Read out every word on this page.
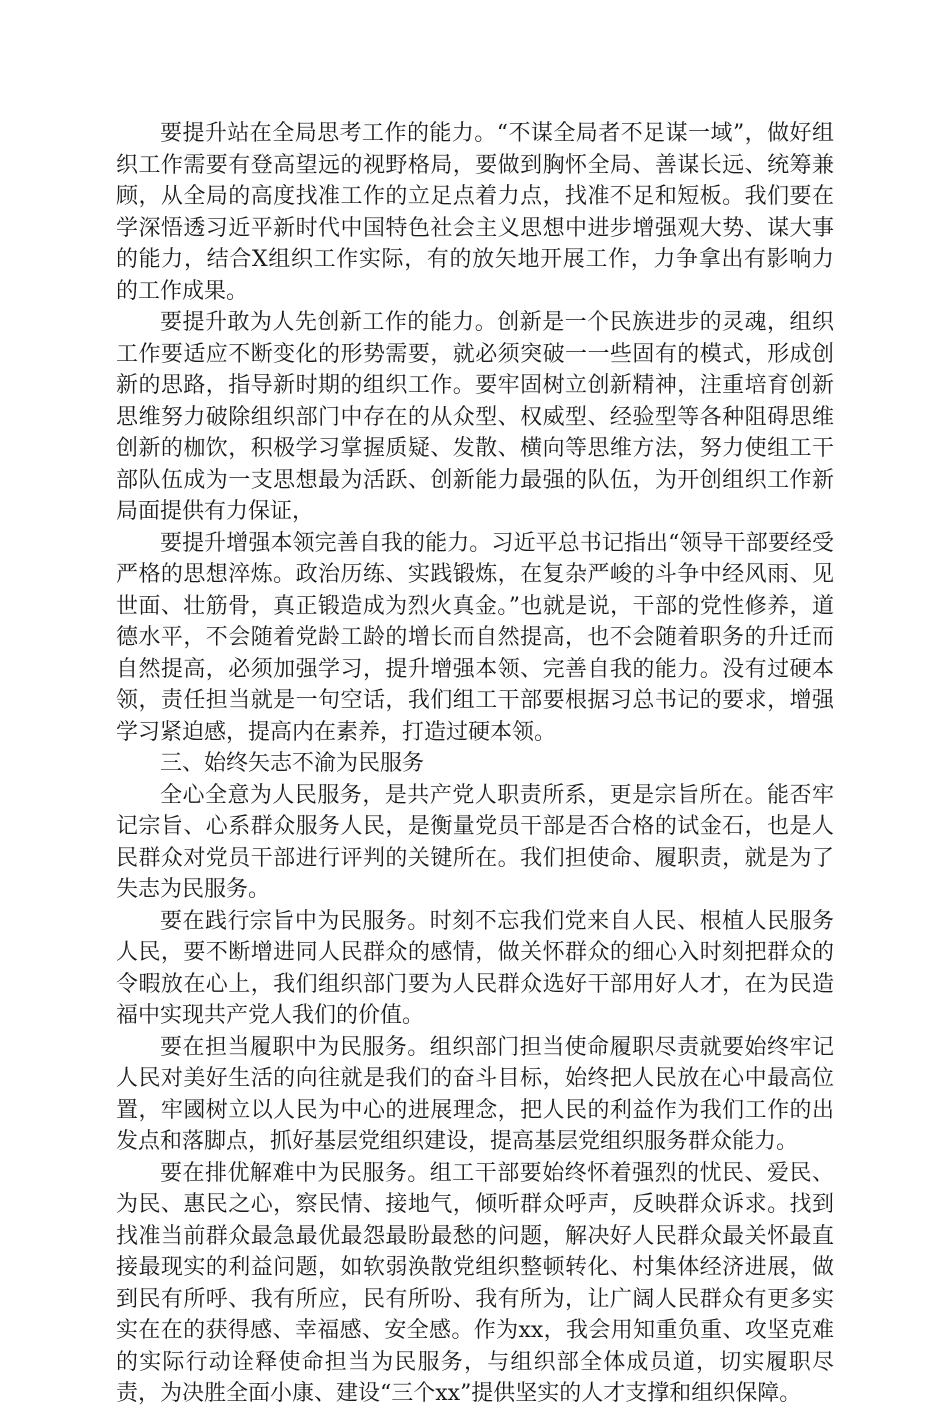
要提升站在全局思考工作的能力。“不谋全局者不足谋一域”，做好组织工作需要有登高望远的视野格局，要做到胸怀全局、善谋长远、统筹兼顾，从全局的高度找准工作的立足点着力点，找准不足和短板。我们要在学深悟透习近平新时代中国特色社会主义思想中进步增强观大势、谋大事的能力，结合X组织工作实际，有的放矢地开展工作，力争拿出有影响力的工作成果。

要提升敢为人先创新工作的能力。创新是一个民族进步的灵魂，组织工作要适应不断变化的形势需要，就必须突破一一些固有的模式，形成创新的思路，指导新时期的组织工作。要牢固树立创新精神，注重培育创新思维努力破除组织部门中存在的从众型、权威型、经验型等各种阻碍思维创新的枷饮，积极学习掌握质疑、发散、横向等思维方法，努力使组工干部队伍成为一支思想最为活跃、创新能力最强的队伍，为开创组织工作新局面提供有力保证，

要提升增强本领完善自我的能力。习近平总书记指出“领导干部要经受严格的思想淬炼。政治历练、实践锻炼，在复杂严峻的斗争中经风雨、见世面、壮筋骨，真正锻造成为烈火真金。”也就是说，干部的党性修养，道德水平，不会随着党龄工龄的增长而自然提高，也不会随着职务的升迁而自然提高，必须加强学习，提升增强本领、完善自我的能力。没有过硬本领，责任担当就是一句空话，我们组工干部要根据习总书记的要求，增强学习紧迫感，提高内在素养，打造过硬本领。

三、始终矢志不渝为民服务

全心全意为人民服务，是共产党人职责所系，更是宗旨所在。能否牢记宗旨、心系群众服务人民，是衡量党员干部是否合格的试金石，也是人民群众对党员干部进行评判的关键所在。我们担使命、履职责，就是为了失志为民服务。

要在践行宗旨中为民服务。时刻不忘我们党来自人民、根植人民服务人民，要不断增进同人民群众的感情，做关怀群众的细心入时刻把群众的令暇放在心上，我们组织部门要为人民群众选好干部用好人才，在为民造福中实现共产党人我们的价值。

要在担当履职中为民服务。组织部门担当使命履职尽责就要始终牢记人民对美好生活的向往就是我们的奋斗目标，始终把人民放在心中最高位置，牢國树立以人民为中心的进展理念，把人民的利益作为我们工作的出发点和落脚点，抓好基层党组织建设，提高基层党组织服务群众能力。

要在排优解难中为民服务。组工干部要始终怀着强烈的忧民、爱民、为民、惠民之心，察民情、接地气，倾听群众呼声，反映群众诉求。找到找准当前群众最急最优最怨最盼最愁的问题，解决好人民群众最关怀最直接最现实的利益问题，如软弱涣散党组织整顿转化、村集体经济进展，做到民有所呼、我有所应，民有所吩、我有所为，让广阔人民群众有更多实实在在的获得感、幸福感、安全感。作为xx，我会用知重负重、攻坚克难的实际行动诠释使命担当为民服务，与组织部全体成员道，切实履职尽责，为决胜全面小康、建设“三个xx”提供坚实的人才支撑和组织保障。
